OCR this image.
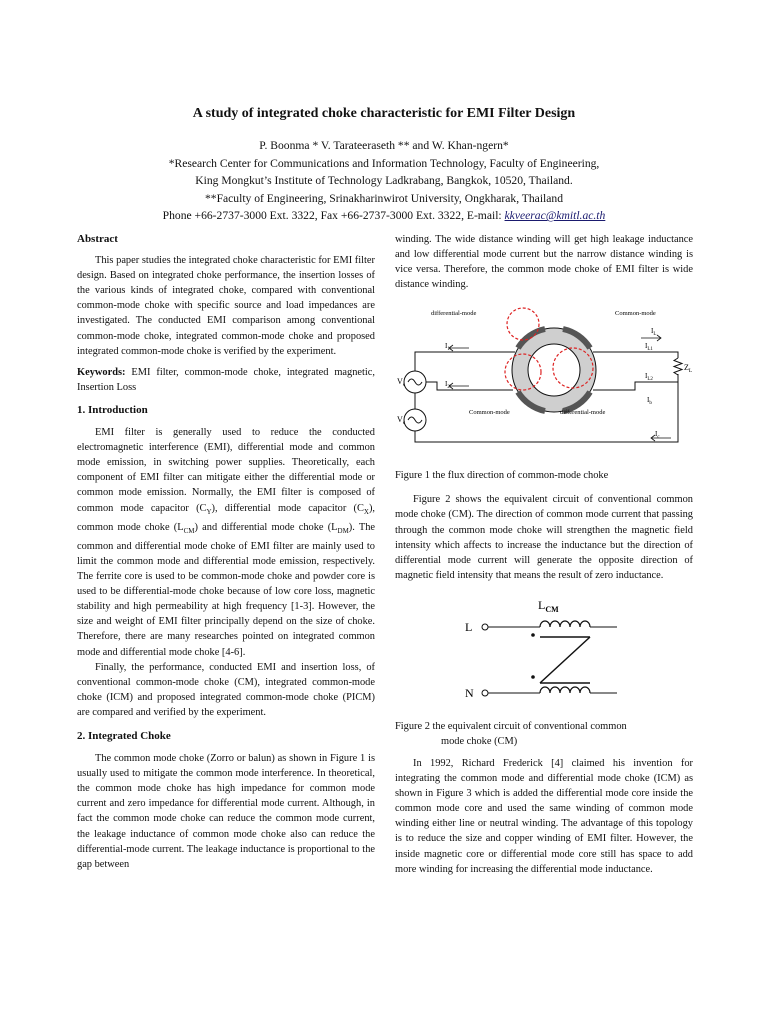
A study of integrated choke characteristic for EMI Filter Design
P. Boonma * V. Tarateeraseth ** and W. Khan-ngern*
*Research Center for Communications and Information Technology, Faculty of Engineering,
King Mongkut’s Institute of Technology Ladkrabang, Bangkok, 10520, Thailand.
**Faculty of Engineering, Srinakharinwirot University, Ongkharak, Thailand
Phone +66-2737-3000 Ext. 3322, Fax +66-2737-3000 Ext. 3322, E-mail: kkveerac@kmitl.ac.th

Abstract

This paper studies the integrated choke characteristic for EMI filter design. Based on integrated choke performance, the insertion losses of the various kinds of integrated choke, compared with conventional common-mode choke with specific source and load impedances are investigated. The conducted EMI comparison among conventional common-mode choke, integrated common-mode choke and proposed integrated common-mode choke is verified by the experiment.

Keywords: EMI filter, common-mode choke, integrated magnetic, Insertion Loss

1. Introduction

EMI filter is generally used to reduce the conducted electromagnetic interference (EMI), differential mode and common mode emission, in switching power supplies. Theoretically, each component of EMI filter can mitigate either the differential mode or common mode emission. Normally, the EMI filter is composed of common mode capacitor $(C_Y)$, differential mode capacitor $(C_X)$, common mode choke $(L_{CM})$ and differential mode choke $(L_{DM})$. The common and differential mode choke of EMI filter are mainly used to limit the common mode and differential mode emission, respectively. The ferrite core is used to be common-mode choke and powder core is used to be differential-mode choke because of low core loss, magnetic stability and high permeability at high frequency [1-3]. However, the size and weight of EMI filter principally depend on the size of choke. Therefore, there are many researches pointed on integrated common mode and differential mode choke [4-6].

Finally, the performance, conducted EMI and insertion loss, of conventional common-mode choke (CM), integrated common-mode choke (ICM) and proposed integrated common-mode choke (PICM) are compared and verified by the experiment.

2. Integrated Choke

The common mode choke (Zorro or balun) as shown in Figure 1 is usually used to mitigate the common mode interference. In theoretical, the common mode choke has high impedance for common mode current and zero impedance for differential mode current. Although, in fact the common mode choke can reduce the common mode current, the leakage inductance of common mode choke also can reduce the differential-mode current. The leakage inductance is proportional to the gap between

winding. The wide distance winding will get high leakage inductance and low differential mode current but the narrow distance winding is vice versa. Therefore, the common mode choke of EMI filter is wide distance winding.

differential-mode	Common-mode
Common-mode	differential-mode
$V_s$
$V_c$
$Z_L$
$I_1$
$I_2$
$I_L$
$I_{L1}$
$I_{L2}$
$I_b$
$I_c$

Figure 1 the flux direction of common-mode choke

Figure 2 shows the equivalent circuit of conventional common mode choke (CM). The direction of common mode current that passing through the common mode choke will strengthen the magnetic field intensity which affects to increase the inductance but the direction of differential mode current will generate the opposite direction of magnetic field intensity that means the result of zero inductance.

$L_{CM}$
L
N

Figure 2 the equivalent circuit of conventional common

mode choke (CM)

In 1992, Richard Frederick [4] claimed his invention for integrating the common mode and differential mode choke (ICM) as shown in Figure 3 which is added the differential mode core inside the common mode core and used the same winding of common mode winding either line or neutral winding. The advantage of this topology is to reduce the size and copper winding of EMI filter. However, the inside magnetic core or differential mode core still has space to add more winding for increasing the differential mode inductance.
